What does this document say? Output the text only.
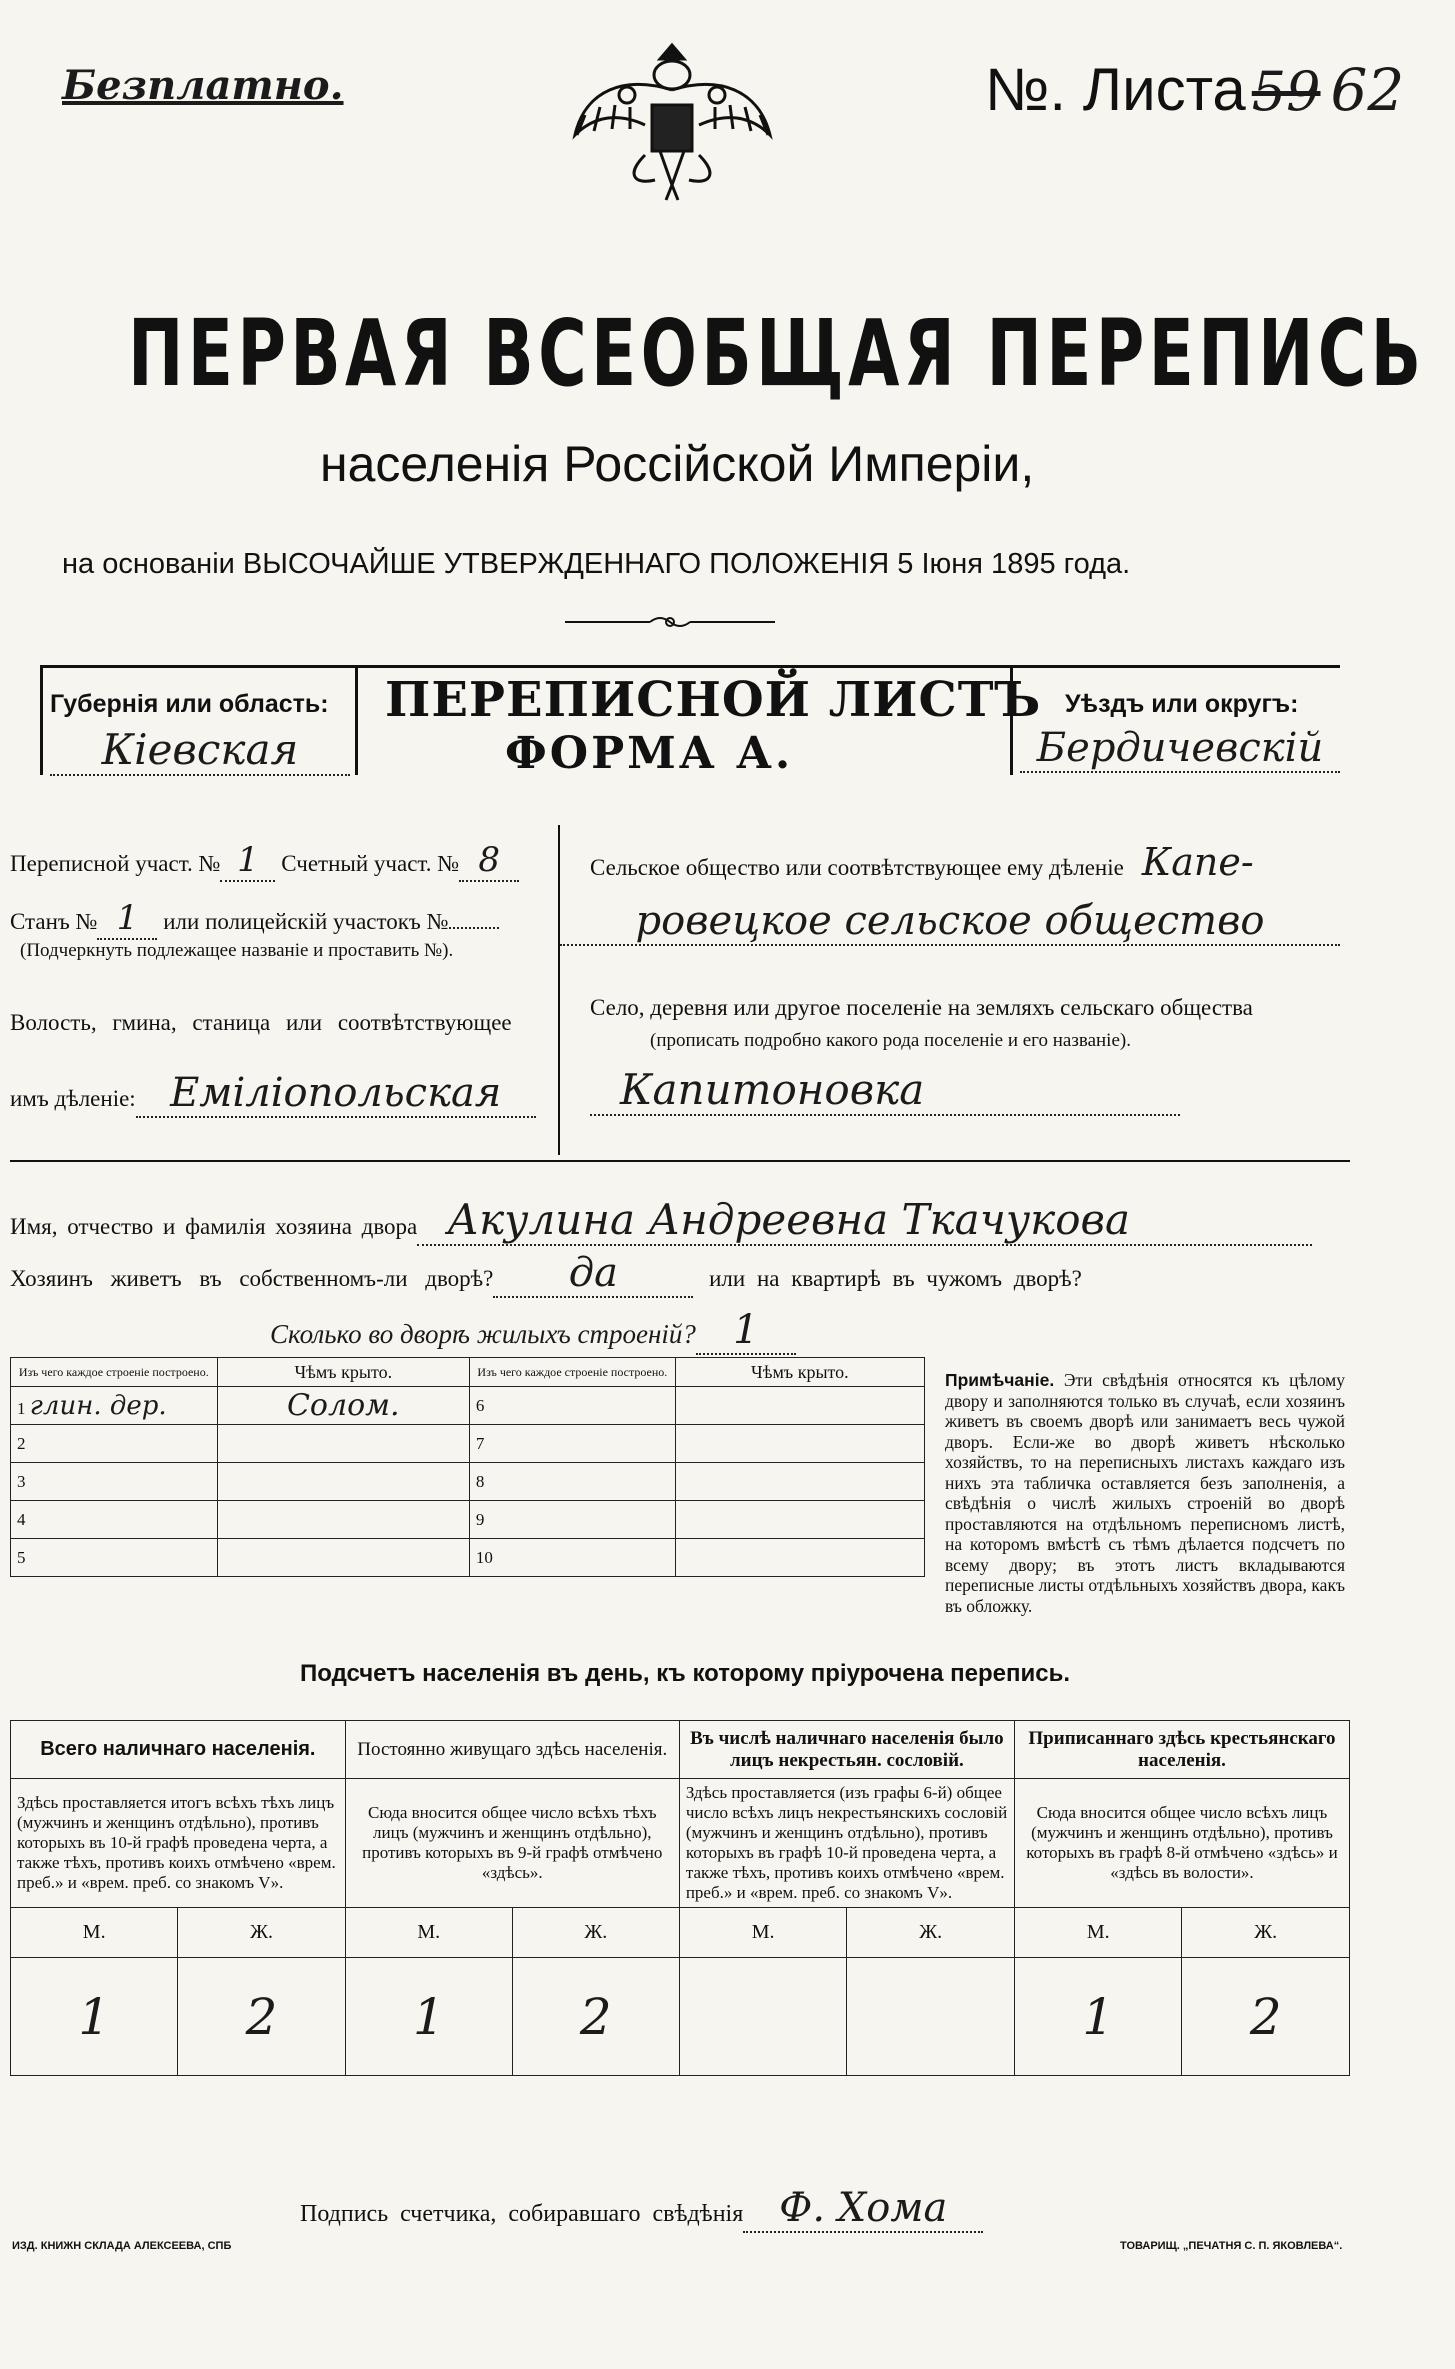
Безплатно.	№. Листа 59 62
ПЕРВАЯ ВСЕОБЩАЯ ПЕРЕПИСЬ
населенія Россійской Имперіи,
на основаніи ВЫСОЧАЙШЕ УТВЕРЖДЕННАГО ПОЛОЖЕНІЯ 5 Іюня 1895 года.
Губернія или область:
Кіевская
ПЕРЕПИСНОЙ ЛИСТЪ
ФОРМА А.
Уѣздъ или округъ:
Бердичевскій
Переписной участ. № 1 Счетный участ. № 8
Станъ № 1 или полицейскій участокъ №
(Подчеркнуть подлежащее названіе и проставить №).
Волость, гмина, станица или соотвѣтствующее
имъ дѣленіе: Еміліопольская
Сельское общество или соотвѣтствующее ему дѣленіе Капе-
ровецкое сельское общество
Село, деревня или другое поселеніе на земляхъ сельскаго общества
(прописать подробно какого рода поселеніе и его названіе).
Капитоновка
Имя, отчество и фамилія хозяина двора Акулина Андреевна Ткачукова
Хозяинъ живетъ въ собственномъ-ли дворѣ? да	или на квартирѣ въ чужомъ дворѣ?
Сколько во дворѣ жилыхъ строеній? 1
Изъ чего каждое строеніе построено.	Чѣмъ крыто.	Изъ чего каждое строеніе построено.	Чѣмъ крыто.
1 глин. дер.	Солом.	6	
2		7	
3		8	
4		9	
5		10	
Примѣчаніе. Эти свѣдѣнія относятся къ цѣлому двору и заполняются только въ случаѣ, если хозяинъ живетъ въ своемъ дворѣ или занимаетъ весь чужой дворъ. Если-же во дворѣ живетъ нѣсколько хозяйствъ, то на переписныхъ листахъ каждаго изъ нихъ эта табличка оставляется безъ заполненія, а свѣдѣнія о числѣ жилыхъ строеній во дворѣ проставляются на отдѣльномъ переписномъ листѣ, на которомъ вмѣстѣ съ тѣмъ дѣлается подсчетъ по всему двору; въ этотъ листъ вкладываются переписные листы отдѣльныхъ хозяйствъ двора, какъ въ обложку.
Подсчетъ населенія въ день, къ которому пріурочена перепись.
Всего наличнаго населенія.		Постоянно живущаго здѣсь населенія.		Въ числѣ наличнаго населенія было лицъ некрестьян. сословій.		Приписаннаго здѣсь крестьянскаго населенія.	
Здѣсь проставляется итогъ всѣхъ тѣхъ лицъ (мужчинъ и женщинъ отдѣльно), противъ которыхъ въ 10-й графѣ проведена черта, а также тѣхъ, противъ коихъ отмѣчено «врем. преб.» и «врем. преб. со знакомъ V».		Сюда вносится общее число всѣхъ тѣхъ лицъ (мужчинъ и женщинъ отдѣльно), противъ которыхъ въ 9-й графѣ отмѣчено «здѣсь».		Здѣсь проставляется (изъ графы 6-й) общее число всѣхъ лицъ некрестьянскихъ сословій (мужчинъ и женщинъ отдѣльно), противъ которыхъ въ графѣ 10-й проведена черта, а также тѣхъ, противъ коихъ отмѣчено «врем. преб.» и «врем. преб. со знакомъ V».		Сюда вносится общее число всѣхъ лицъ (мужчинъ и женщинъ отдѣльно), противъ которыхъ въ графѣ 8-й отмѣчено «здѣсь» и «здѣсь въ волости».	
М.	Ж.	М.	Ж.	М.	Ж.	М.	Ж.
1	2	1	2			1	2
Подпись счетчика, собиравшаго свѣдѣнія Ф. Хома
ИЗД. КНИЖН СКЛАДА АЛЕКСЕЕВА, СПБ	ТОВАРИЩ. „ПЕЧАТНЯ С. П. ЯКОВЛЕВА“.
